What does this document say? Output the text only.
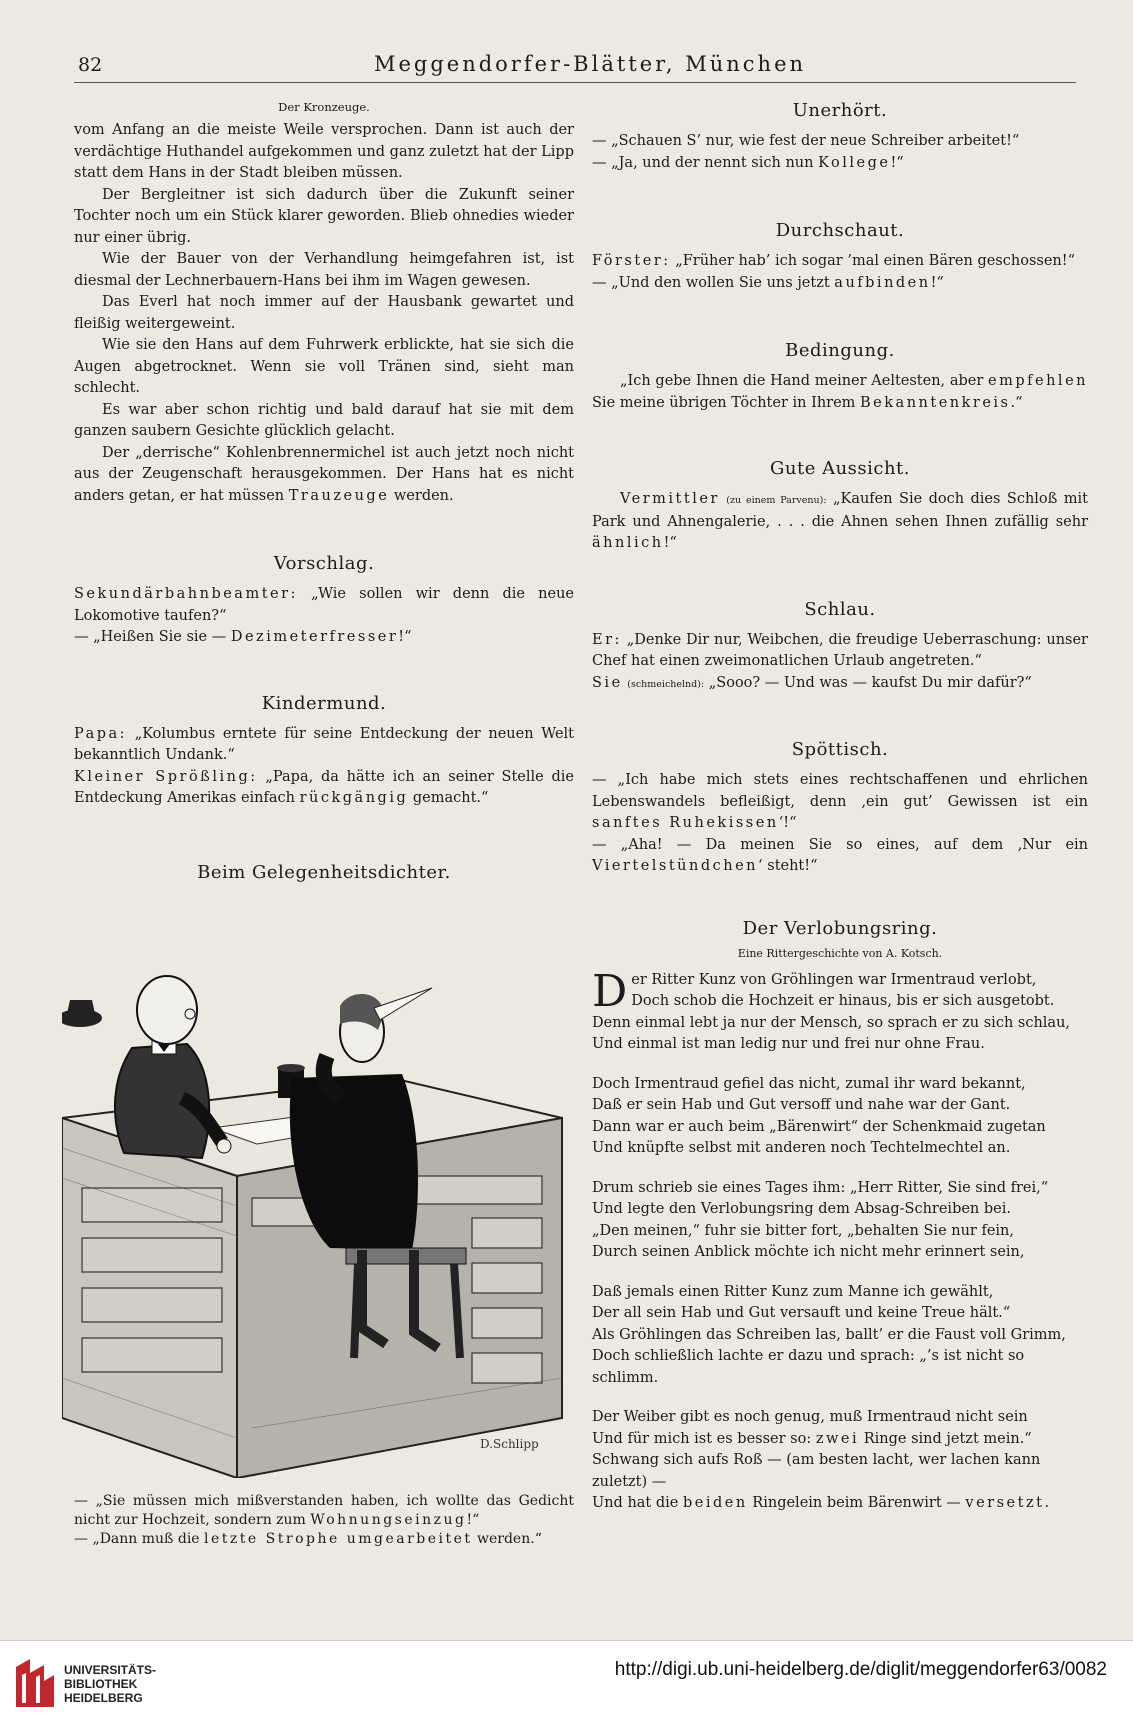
82	Meggendorfer-Blätter, München
Der Kronzeuge.

vom Anfang an die meiste Weile versprochen. Dann ist auch der verdächtige Huthandel aufgekommen und ganz zuletzt hat der Lipp statt dem Hans in der Stadt bleiben müssen.

Der Bergleitner ist sich dadurch über die Zukunft seiner Tochter noch um ein Stück klarer geworden. Blieb ohnedies wieder nur einer übrig.

Wie der Bauer von der Verhandlung heimgefahren ist, ist diesmal der Lechnerbauern-Hans bei ihm im Wagen gewesen.

Das Everl hat noch immer auf der Hausbank gewartet und fleißig weitergeweint.

Wie sie den Hans auf dem Fuhrwerk erblickte, hat sie sich die Augen abgetrocknet. Wenn sie voll Tränen sind, sieht man schlecht.

Es war aber schon richtig und bald darauf hat sie mit dem ganzen saubern Gesichte glücklich gelacht.

Der „derrische“ Kohlenbrennermichel ist auch jetzt noch nicht aus der Zeugenschaft herausgekommen. Der Hans hat es nicht anders getan, er hat müssen Trauzeuge werden.

Vorschlag.

Sekundärbahnbeamter: „Wie sollen wir denn die neue Lokomotive taufen?“

— „Heißen Sie sie — Dezimeterfresser!“

Kindermund.

Papa: „Kolumbus erntete für seine Entdeckung der neuen Welt bekanntlich Undank.“

Kleiner Sprößling: „Papa, da hätte ich an seiner Stelle die Entdeckung Amerikas einfach rückgängig gemacht.“

Beim Gelegenheitsdichter.
D.Schlipp

— „Sie müssen mich mißverstanden haben, ich wollte das Gedicht nicht zur Hochzeit, sondern zum Wohnungseinzug!“

— „Dann muß die letzte Strophe umgearbeitet werden.“

Unerhört.

— „Schauen S’ nur, wie fest der neue Schreiber arbeitet!“

— „Ja, und der nennt sich nun Kollege!“

Durchschaut.

Förster: „Früher hab’ ich sogar ’mal einen Bären geschossen!“

— „Und den wollen Sie uns jetzt aufbinden!“

Bedingung.

„Ich gebe Ihnen die Hand meiner Aeltesten, aber empfehlen Sie meine übrigen Töchter in Ihrem Bekanntenkreis.“

Gute Aussicht.

Vermittler (zu einem Parvenu): „Kaufen Sie doch dies Schloß mit Park und Ahnengalerie, . . . die Ahnen sehen Ihnen zufällig sehr ähnlich!“

Schlau.

Er: „Denke Dir nur, Weibchen, die freudige Ueberraschung: unser Chef hat einen zweimonatlichen Urlaub angetreten.“

Sie (schmeichelnd): „Sooo? — Und was — kaufst Du mir dafür?“

Spöttisch.

— „Ich habe mich stets eines rechtschaffenen und ehrlichen Lebenswandels befleißigt, denn ‚ein gut’ Gewissen ist ein sanftes Ruhekissen‘!“

— „Aha! — Da meinen Sie so eines, auf dem ‚Nur ein Viertelstündchen‘ steht!“

Der Verlobungsring.
Eine Rittergeschichte von A. Kotsch.

Der Ritter Kunz von Gröhlingen war Irmentraud verlobt,

Doch schob die Hochzeit er hinaus, bis er sich ausgetobt.

Denn einmal lebt ja nur der Mensch, so sprach er zu sich schlau,

Und einmal ist man ledig nur und frei nur ohne Frau.

Doch Irmentraud gefiel das nicht, zumal ihr ward bekannt,

Daß er sein Hab und Gut versoff und nahe war der Gant.

Dann war er auch beim „Bärenwirt“ der Schenkmaid zugetan

Und knüpfte selbst mit anderen noch Techtelmechtel an.

Drum schrieb sie eines Tages ihm: „Herr Ritter, Sie sind frei,“

Und legte den Verlobungsring dem Absag-Schreiben bei.

„Den meinen,“ fuhr sie bitter fort, „behalten Sie nur fein,

Durch seinen Anblick möchte ich nicht mehr erinnert sein,

Daß jemals einen Ritter Kunz zum Manne ich gewählt,

Der all sein Hab und Gut versauft und keine Treue hält.“

Als Gröhlingen das Schreiben las, ballt’ er die Faust voll Grimm,

Doch schließlich lachte er dazu und sprach: „’s ist nicht so schlimm.

Der Weiber gibt es noch genug, muß Irmentraud nicht sein

Und für mich ist es besser so: zwei Ringe sind jetzt mein.“

Schwang sich aufs Roß — (am besten lacht, wer lachen kann zuletzt) —

Und hat die beiden Ringelein beim Bärenwirt — versetzt.

UNIVERSITÄTS-
BIBLIOTHEK
HEIDELBERG
http://digi.ub.uni-heidelberg.de/diglit/meggendorfer63/0082
